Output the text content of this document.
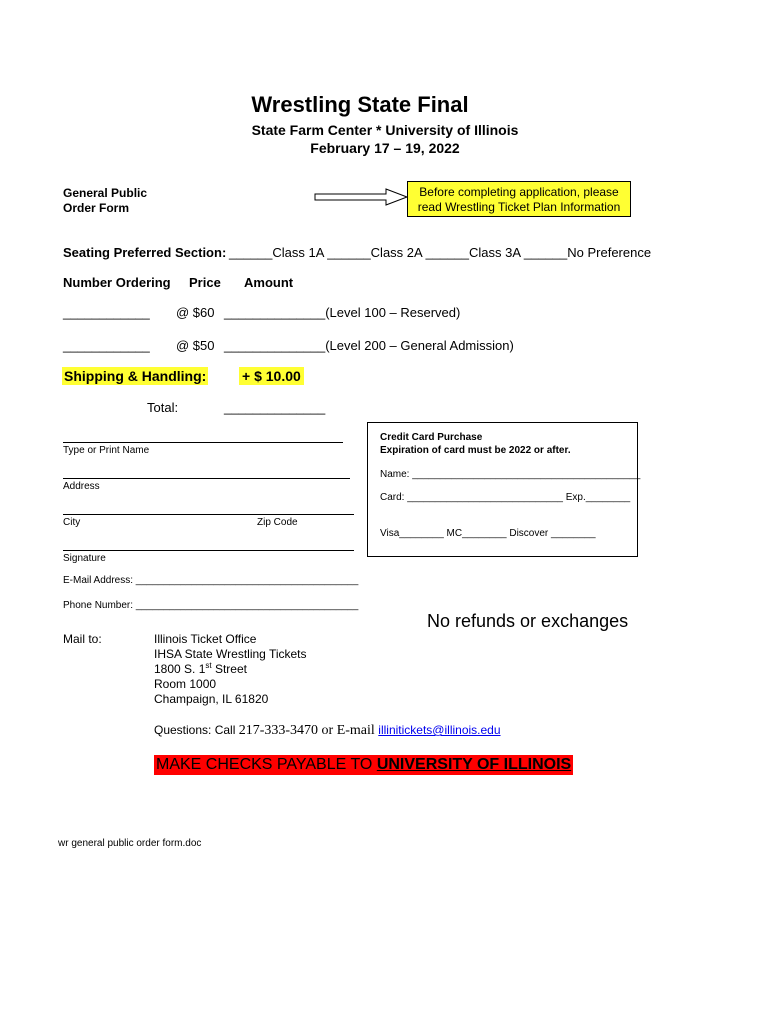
Wrestling State Final
State Farm Center * University of Illinois
February 17 – 19, 2022
General Public
Order Form
Before completing application, please
read Wrestling Ticket Plan Information
Seating Preferred Section: ______Class 1A ______Class 2A ______Class 3A ______No Preference
Number Ordering Price Amount
____________ @ $60 ______________(Level 100 – Reserved)
____________ @ $50 ______________(Level 200 – General Admission)
Shipping & Handling:	+ $ 10.00
Total:	______________
Type or Print Name
Address
City	Zip Code
Signature
E-Mail Address: ________________________________________
Phone Number: ________________________________________
Credit Card Purchase
Expiration of card must be 2022 or after.
Name: _________________________________________
Card: ____________________________ Exp.________
Visa________ MC________ Discover ________
No refunds or exchanges
Mail to:	Illinois Ticket Office
IHSA State Wrestling Tickets
1800 S. 1st Street
Room 1000
Champaign, IL 61820
Questions: Call 217-333-3470 or E-mail illinitickets@illinois.edu
MAKE CHECKS PAYABLE TO UNIVERSITY OF ILLINOIS
wr general public order form.doc
